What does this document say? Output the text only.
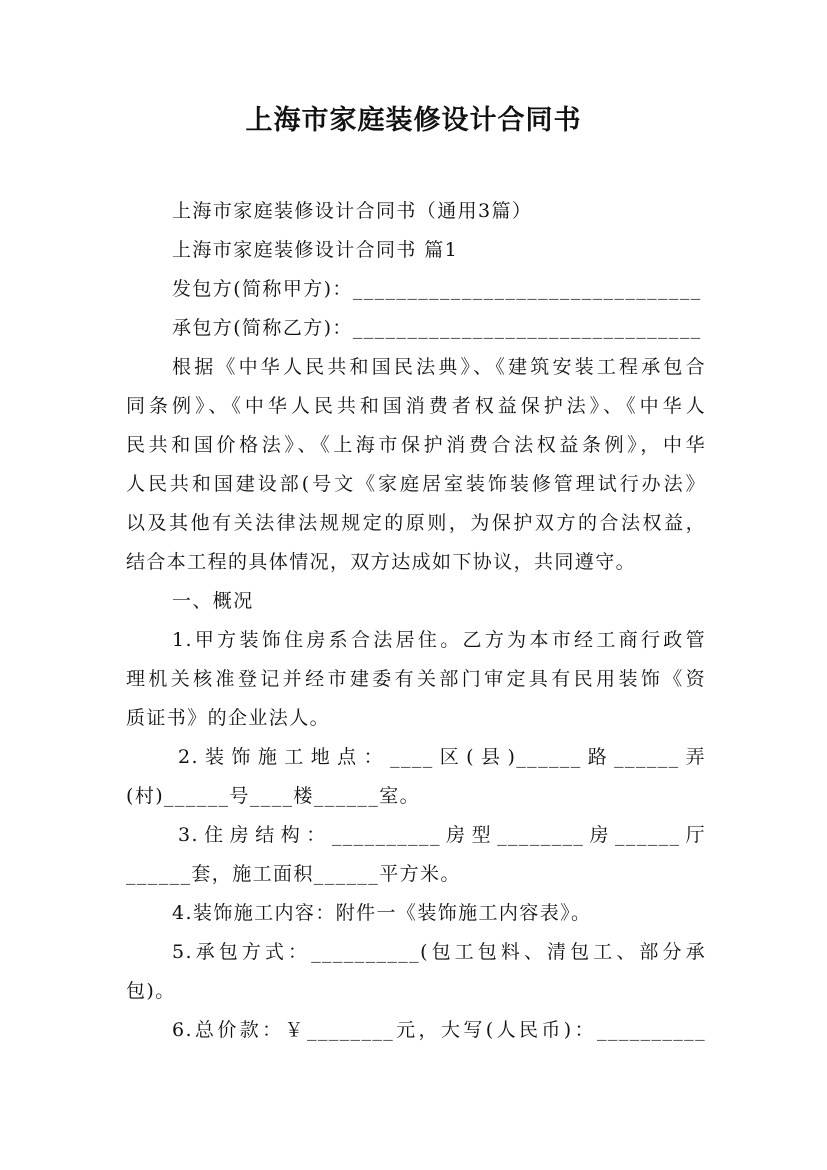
上海市家庭装修设计合同书
上海市家庭装修设计合同书（通用3篇）
上海市家庭装修设计合同书 篇1
发包方(简称甲方)：________________________________
承包方(简称乙方)：________________________________
根据《中华人民共和国民法典》、《建筑安装工程承包合
同条例》、《中华人民共和国消费者权益保护法》、《中华人
民共和国价格法》、《上海市保护消费合法权益条例》，中华
人民共和国建设部(号文《家庭居室装饰装修管理试行办法》
以及其他有关法律法规规定的原则，为保护双方的合法权益，
结合本工程的具体情况，双方达成如下协议，共同遵守。
一、概况
1.甲方装饰住房系合法居住。乙方为本市经工商行政管
理机关核准登记并经市建委有关部门审定具有民用装饰《资
质证书》的企业法人。
2.装饰施工地点：____区(县)______路______弄
(村)______号____楼______室。
3.住房结构：__________房型________房______厅
______套，施工面积______平方米。
4.装饰施工内容：附件一《装饰施工内容表》。
5.承包方式：__________(包工包料、清包工、部分承
包)。
6.总价款：￥________元，大写(人民币)：__________
